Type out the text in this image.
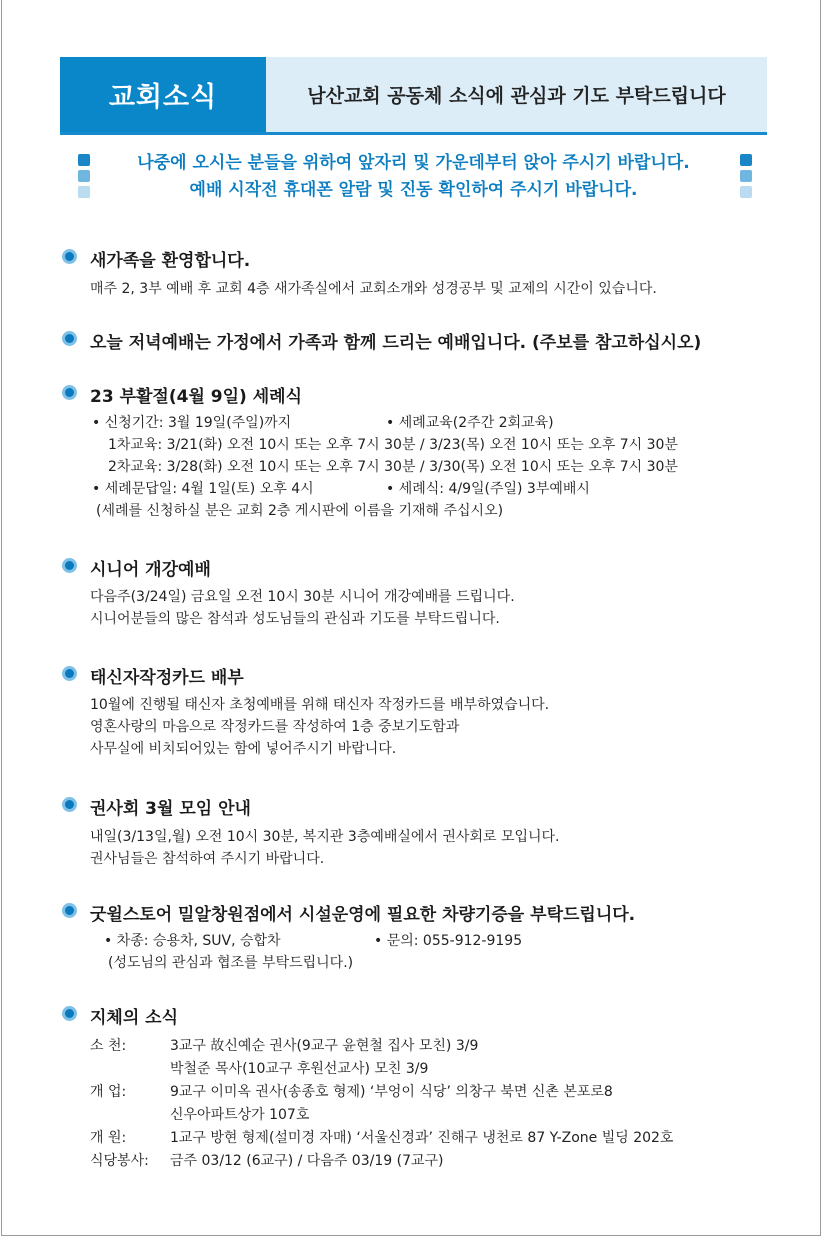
교회소식	남산교회 공동체 소식에 관심과 기도 부탁드립니다
나중에 오시는 분들을 위하여 앞자리 및 가운데부터 앉아 주시기 바랍니다.
예배 시작전 휴대폰 알람 및 진동 확인하여 주시기 바랍니다.
새가족을 환영합니다.
매주 2, 3부 예배 후 교회 4층 새가족실에서 교회소개와 성경공부 및 교제의 시간이 있습니다.
오늘 저녁예배는 가정에서 가족과 함께 드리는 예배입니다. (주보를 참고하십시오)
23 부활절(4월 9일) 세례식
• 신청기간: 3월 19일(주일)까지	• 세례교육(2주간 2회교육)
1차교육: 3/21(화) 오전 10시 또는 오후 7시 30분 / 3/23(목) 오전 10시 또는 오후 7시 30분
2차교육: 3/28(화) 오전 10시 또는 오후 7시 30분 / 3/30(목) 오전 10시 또는 오후 7시 30분
• 세례문답일: 4월 1일(토) 오후 4시	• 세례식: 4/9일(주일) 3부예배시
(세례를 신청하실 분은 교회 2층 게시판에 이름을 기재해 주십시오)
시니어 개강예배
다음주(3/24일) 금요일 오전 10시 30분 시니어 개강예배를 드립니다.
시니어분들의 많은 참석과 성도님들의 관심과 기도를 부탁드립니다.
태신자작정카드 배부
10월에 진행될 태신자 초청예배를 위해 태신자 작정카드를 배부하였습니다.
영혼사랑의 마음으로 작정카드를 작성하여 1층 중보기도함과
사무실에 비치되어있는 함에 넣어주시기 바랍니다.
권사회 3월 모임 안내
내일(3/13일,월) 오전 10시 30분, 복지관 3층예배실에서 권사회로 모입니다.
권사님들은 참석하여 주시기 바랍니다.
굿윌스토어 밀알창원점에서 시설운영에 필요한 차량기증을 부탁드립니다.
• 차종: 승용차, SUV, 승합차	• 문의: 055-912-9195
(성도님의 관심과 협조를 부탁드립니다.)
지체의 소식
소 천:	3교구 故신예순 권사(9교구 윤현철 집사 모친) 3/9
박철준 목사(10교구 후원선교사) 모친 3/9
개 업:	9교구 이미옥 권사(송종호 형제) ‘부엉이 식당’ 의창구 북면 신촌 본포로8
신우아파트상가 107호
개 원:	1교구 방현 형제(설미경 자매) ‘서울신경과’ 진해구 냉천로 87 Y-Zone 빌딩 202호
식당봉사: 금주 03/12 (6교구) / 다음주 03/19 (7교구)
